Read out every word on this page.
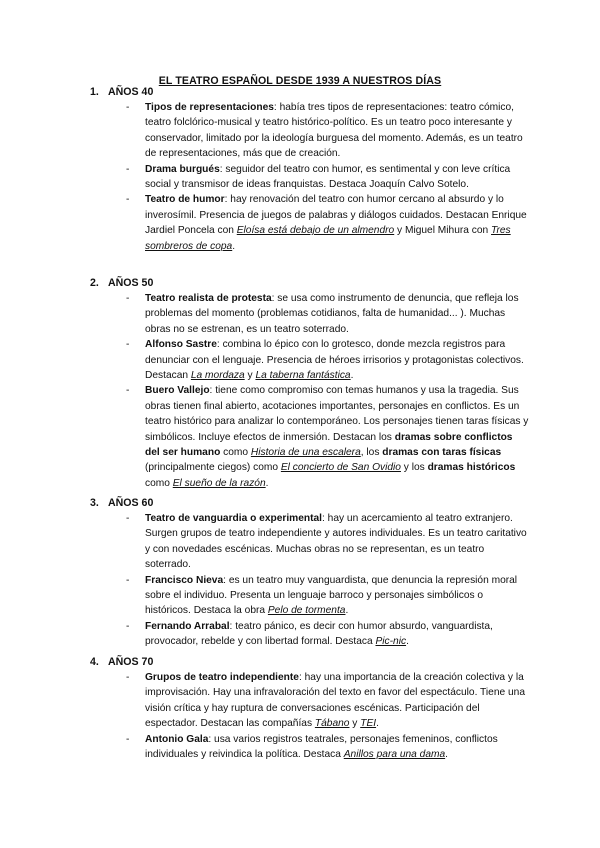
EL TEATRO ESPAÑOL DESDE 1939 A NUESTROS DÍAS
1. AÑOS 40
- Tipos de representaciones: había tres tipos de representaciones: teatro cómico, teatro folclórico-musical y teatro histórico-político. Es un teatro poco interesante y conservador, limitado por la ideología burguesa del momento. Además, es un teatro de representaciones, más que de creación.
- Drama burgués: seguidor del teatro con humor, es sentimental y con leve crítica social y transmisor de ideas franquistas. Destaca Joaquín Calvo Sotelo.
- Teatro de humor: hay renovación del teatro con humor cercano al absurdo y lo inverosímil. Presencia de juegos de palabras y diálogos cuidados. Destacan Enrique Jardiel Poncela con Eloísa está debajo de un almendro y Miguel Mihura con Tres sombreros de copa.
2. AÑOS 50
- Teatro realista de protesta: se usa como instrumento de denuncia, que refleja los problemas del momento (problemas cotidianos, falta de humanidad... ). Muchas obras no se estrenan, es un teatro soterrado.
- Alfonso Sastre: combina lo épico con lo grotesco, donde mezcla registros para denunciar con el lenguaje. Presencia de héroes irrisorios y protagonistas colectivos. Destacan La mordaza y La taberna fantástica.
- Buero Vallejo: tiene como compromiso con temas humanos y usa la tragedia. Sus obras tienen final abierto, acotaciones importantes, personajes en conflictos. Es un teatro histórico para analizar lo contemporáneo. Los personajes tienen taras físicas y simbólicos. Incluye efectos de inmersión. Destacan los dramas sobre conflictos del ser humano como Historia de una escalera, los dramas con taras físicas (principalmente ciegos) como El concierto de San Ovidio y los dramas históricos como El sueño de la razón.
3. AÑOS 60
- Teatro de vanguardia o experimental: hay un acercamiento al teatro extranjero. Surgen grupos de teatro independiente y autores individuales. Es un teatro caritativo y con novedades escénicas. Muchas obras no se representan, es un teatro soterrado.
- Francisco Nieva: es un teatro muy vanguardista, que denuncia la represión moral sobre el individuo. Presenta un lenguaje barroco y personajes simbólicos o históricos. Destaca la obra Pelo de tormenta.
- Fernando Arrabal: teatro pánico, es decir con humor absurdo, vanguardista, provocador, rebelde y con libertad formal. Destaca Pic-nic.
4. AÑOS 70
- Grupos de teatro independiente: hay una importancia de la creación colectiva y la improvisación. Hay una infravaloración del texto en favor del espectáculo. Tiene una visión crítica y hay ruptura de conversaciones escénicas. Participación del espectador. Destacan las compañías Tábano y TEI.
- Antonio Gala: usa varios registros teatrales, personajes femeninos, conflictos individuales y reivindica la política. Destaca Anillos para una dama.
